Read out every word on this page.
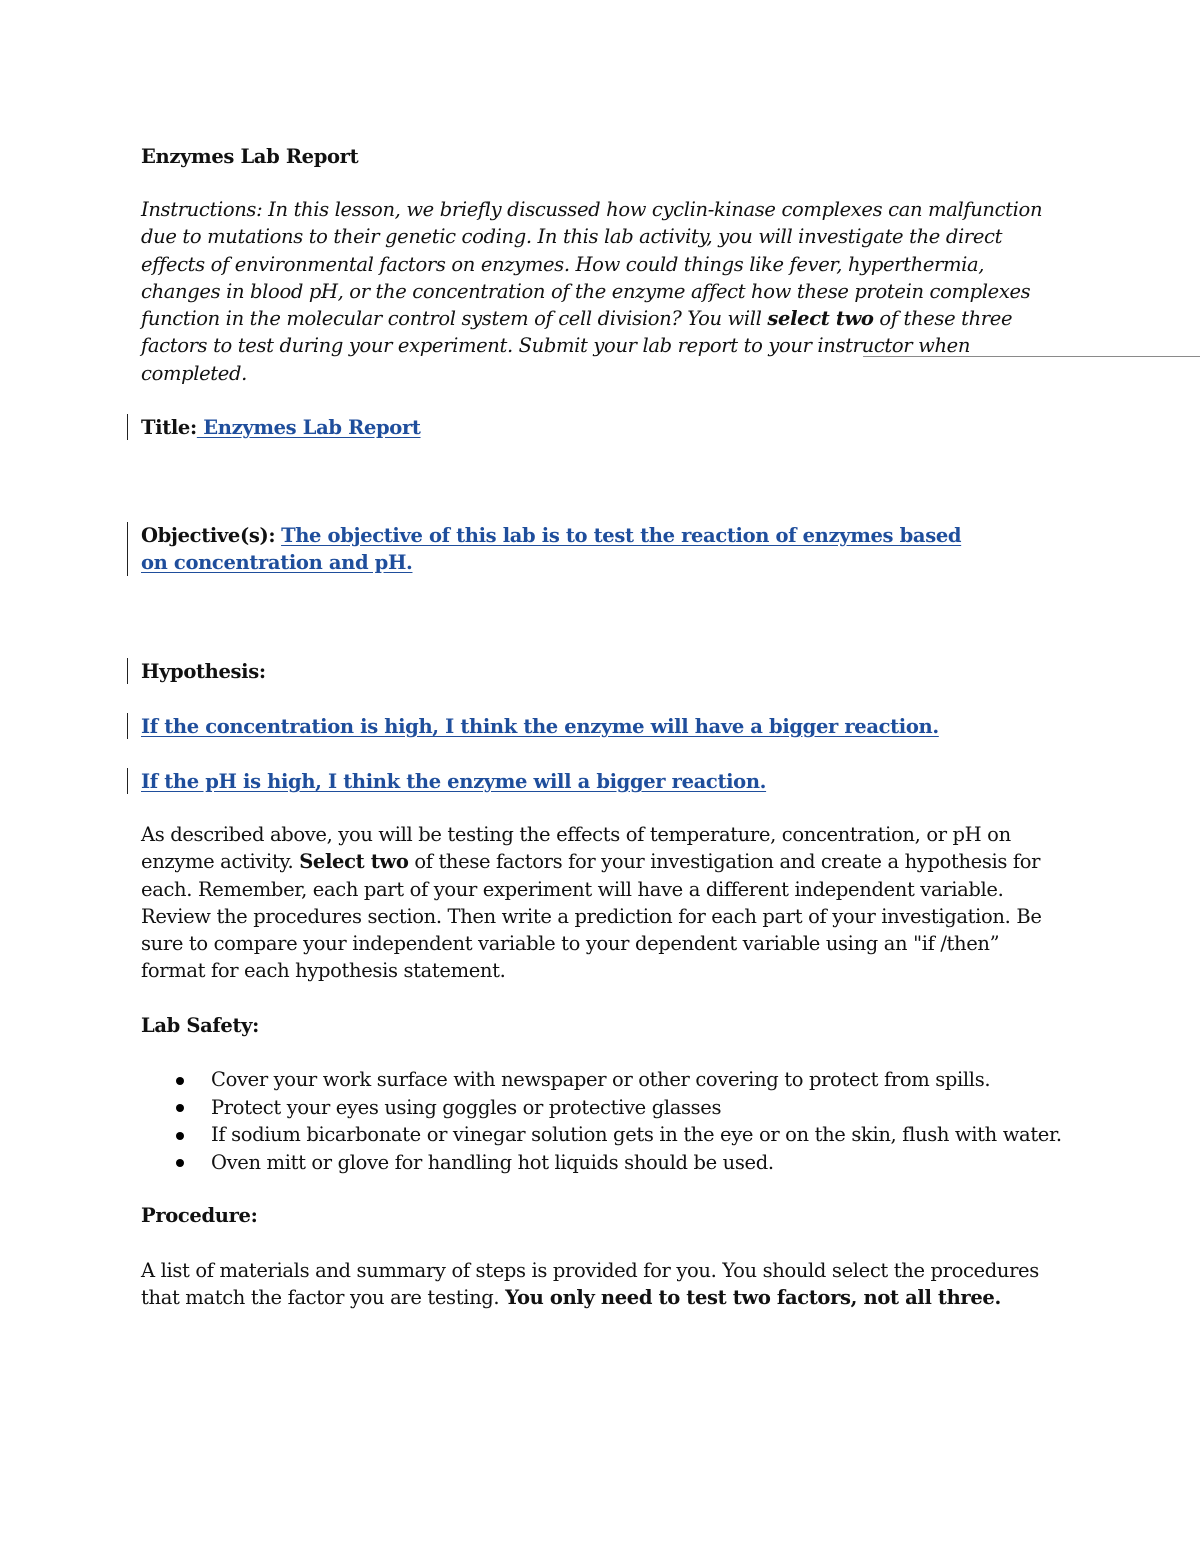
Enzymes Lab Report

Instructions: In this lesson, we briefly discussed how cyclin-kinase complexes can malfunction due to mutations to their genetic coding. In this lab activity, you will investigate the direct effects of environmental factors on enzymes. How could things like fever, hyperthermia, changes in blood pH, or the concentration of the enzyme affect how these protein complexes function in the molecular control system of cell division? You will select two of these three factors to test during your experiment. Submit your lab report to your instructor when completed.

Title: Enzymes Lab Report

Objective(s): The objective of this lab is to test the reaction of enzymes based on concentration and pH.

Hypothesis:

If the concentration is high, I think the enzyme will have a bigger reaction.

If the pH is high, I think the enzyme will a bigger reaction.

As described above, you will be testing the effects of temperature, concentration, or pH on enzyme activity. Select two of these factors for your investigation and create a hypothesis for each. Remember, each part of your experiment will have a different independent variable. Review the procedures section. Then write a prediction for each part of your investigation. Be sure to compare your independent variable to your dependent variable using an "if /then” format for each hypothesis statement.

Lab Safety:

Cover your work surface with newspaper or other covering to protect from spills.
Protect your eyes using goggles or protective glasses
If sodium bicarbonate or vinegar solution gets in the eye or on the skin, flush with water.
Oven mitt or glove for handling hot liquids should be used.

Procedure:

A list of materials and summary of steps is provided for you. You should select the procedures that match the factor you are testing. You only need to test two factors, not all three.
